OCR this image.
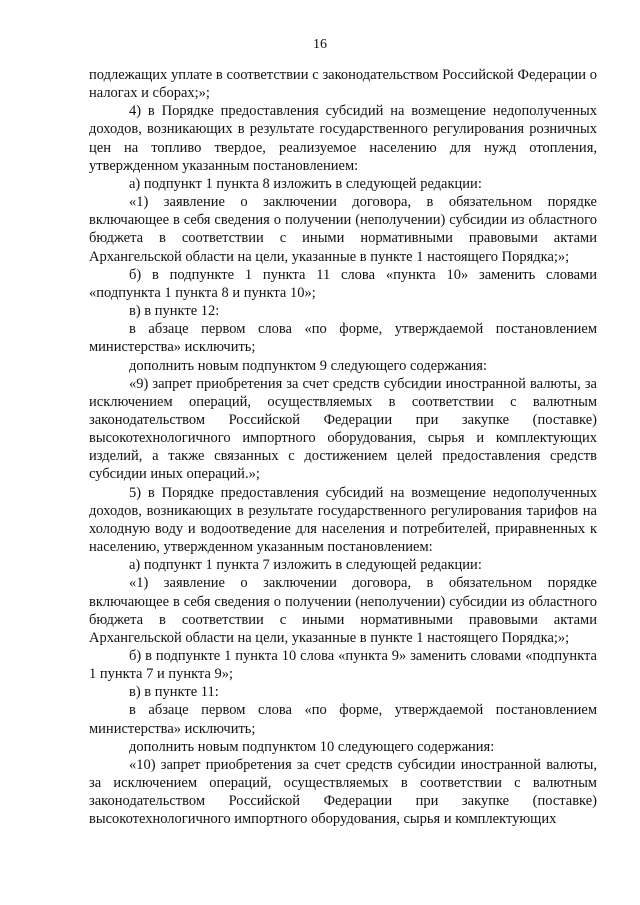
16

подлежащих уплате в соответствии с законодательством Российской Федерации о налогах и сборах;»;

4) в Порядке предоставления субсидий на возмещение недополученных доходов, возникающих в результате государственного регулирования розничных цен на топливо твердое, реализуемое населению для нужд отопления, утвержденном указанным постановлением:

а) подпункт 1 пункта 8 изложить в следующей редакции:

«1) заявление о заключении договора, в обязательном порядке включающее в себя сведения о получении (неполучении) субсидии из областного бюджета в соответствии с иными нормативными правовыми актами Архангельской области на цели, указанные в пункте 1 настоящего Порядка;»;

б) в подпункте 1 пункта 11 слова «пункта 10» заменить словами «подпункта 1 пункта 8 и пункта 10»;

в) в пункте 12:

в абзаце первом слова «по форме, утверждаемой постановлением министерства» исключить;

дополнить новым подпунктом 9 следующего содержания:

«9) запрет приобретения за счет средств субсидии иностранной валюты, за исключением операций, осуществляемых в соответствии с валютным законодательством Российской Федерации при закупке (поставке) высокотехнологичного импортного оборудования, сырья и комплектующих изделий, а также связанных с достижением целей предоставления средств субсидии иных операций.»;

5) в Порядке предоставления субсидий на возмещение недополученных доходов, возникающих в результате государственного регулирования тарифов на холодную воду и водоотведение для населения и потребителей, приравненных к населению, утвержденном указанным постановлением:

а) подпункт 1 пункта 7 изложить в следующей редакции:

«1) заявление о заключении договора, в обязательном порядке включающее в себя сведения о получении (неполучении) субсидии из областного бюджета в соответствии с иными нормативными правовыми актами Архангельской области на цели, указанные в пункте 1 настоящего Порядка;»;

б) в подпункте 1 пункта 10 слова «пункта 9» заменить словами «подпункта 1 пункта 7 и пункта 9»;

в) в пункте 11:

в абзаце первом слова «по форме, утверждаемой постановлением министерства» исключить;

дополнить новым подпунктом 10 следующего содержания:

«10) запрет приобретения за счет средств субсидии иностранной валюты, за исключением операций, осуществляемых в соответствии с валютным законодательством Российской Федерации при закупке (поставке) высокотехнологичного импортного оборудования, сырья и комплектующих
